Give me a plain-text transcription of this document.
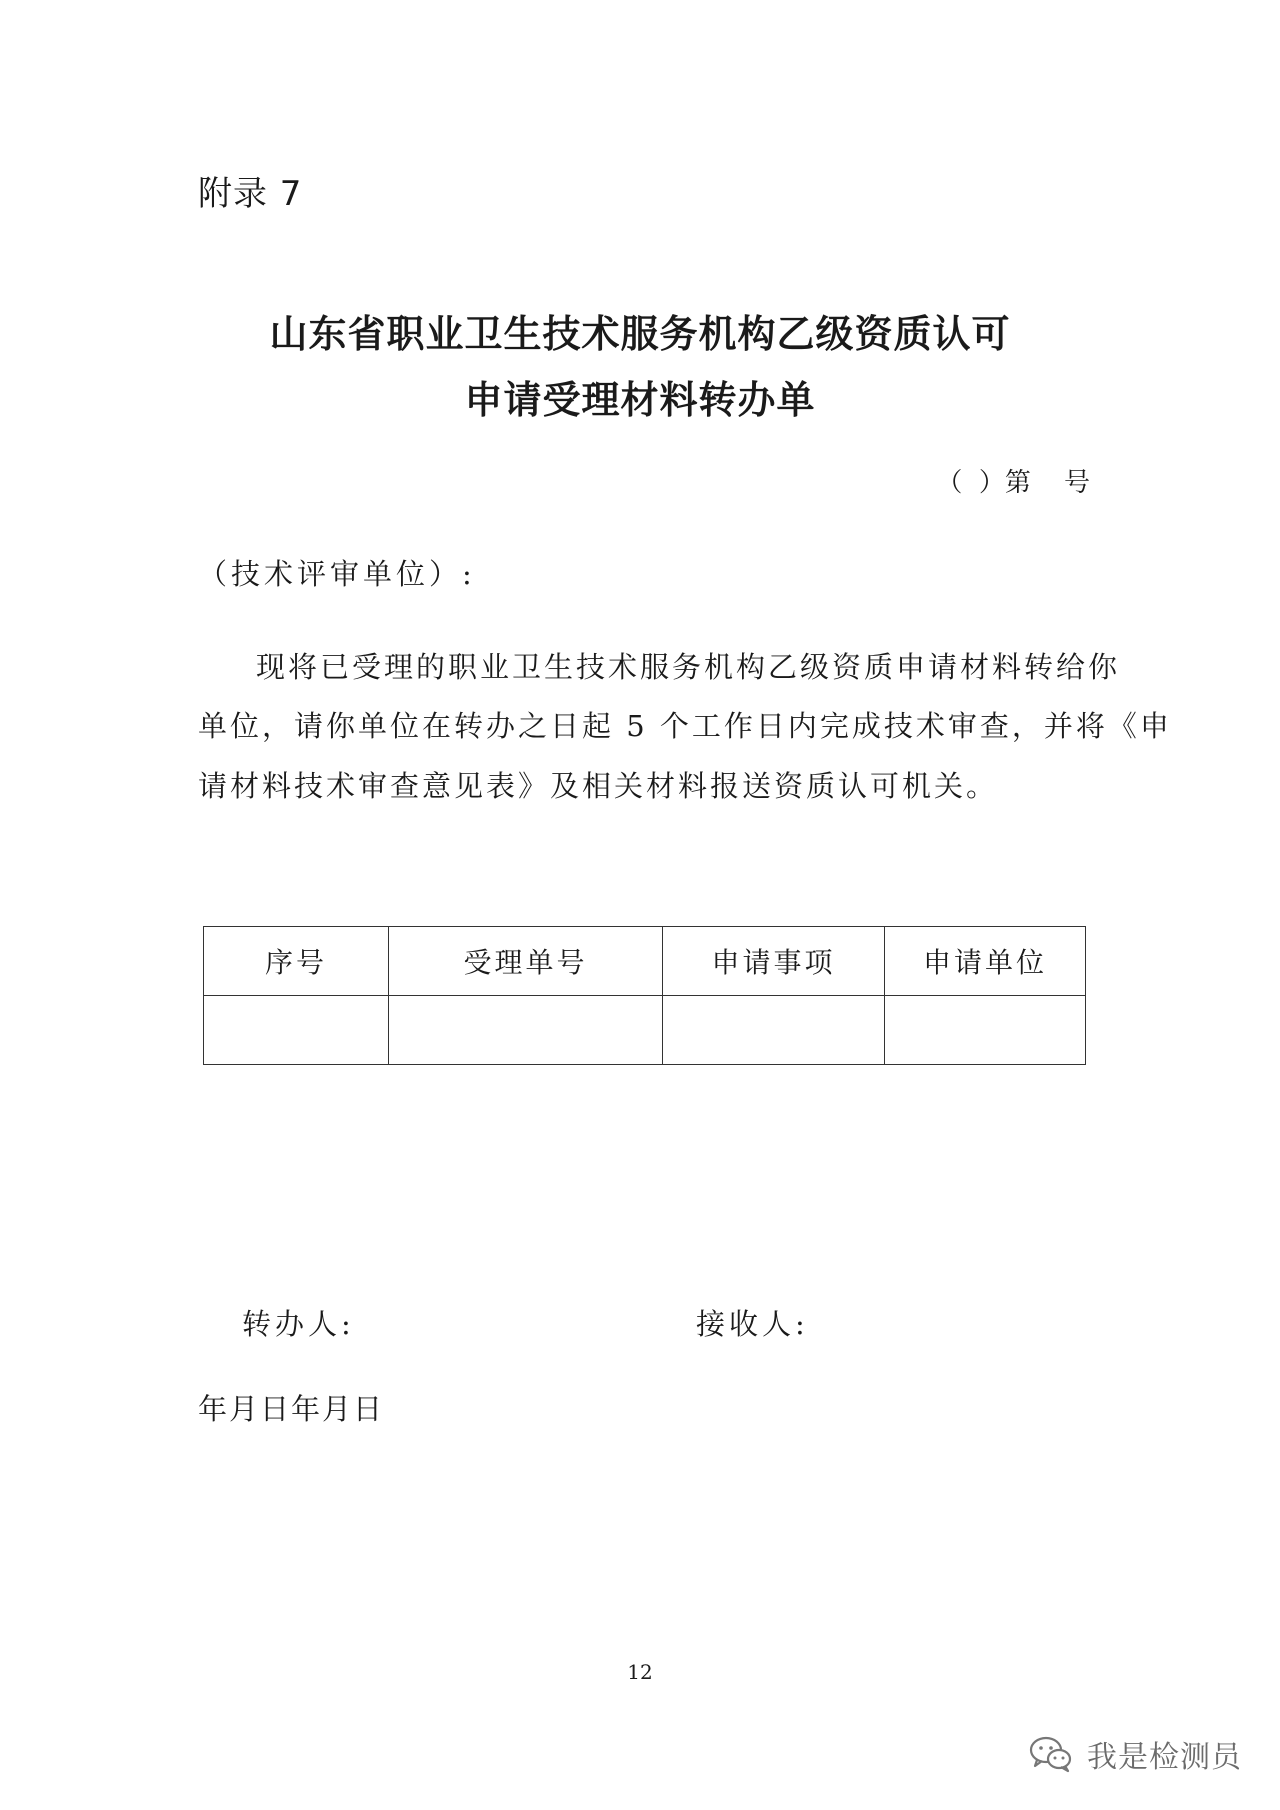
附录 7
山东省职业卫生技术服务机构乙级资质认可
申请受理材料转办单
（  ）第    号
（技术评审单位）:
现将已受理的职业卫生技术服务机构乙级资质申请材料转给你
单位，请你单位在转办之日起 5 个工作日内完成技术审查，并将《申
请材料技术审查意见表》及相关材料报送资质认可机关。
序号	受理单号	申请事项	申请单位

转办人:	接收人:
年月日年月日
12
我是检测员
